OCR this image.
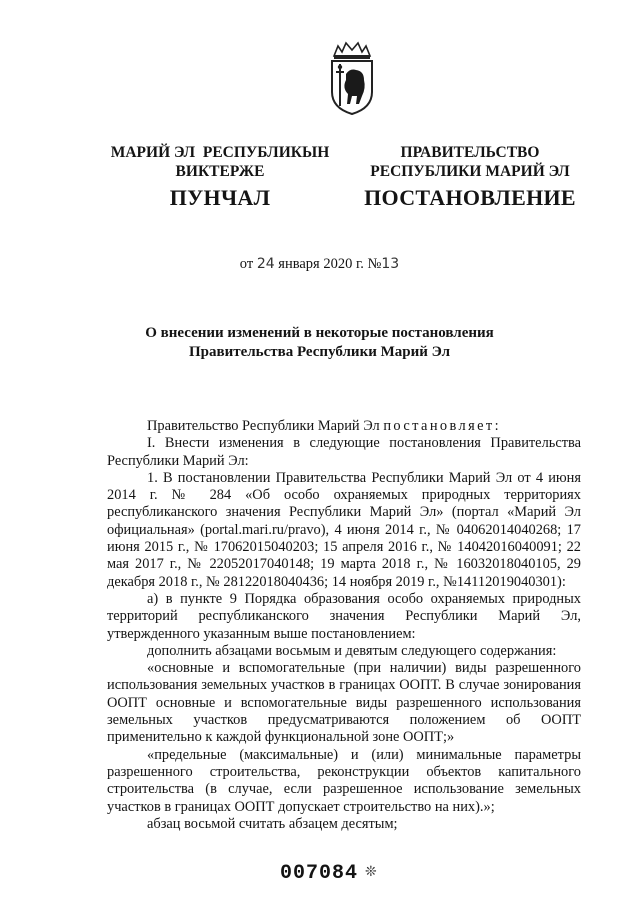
МАРИЙ ЭЛ  РЕСПУБЛИКЫН
ВИКТЕРЖЕ
ПУНЧАЛ
ПРАВИТЕЛЬСТВО
РЕСПУБЛИКИ МАРИЙ ЭЛ
ПОСТАНОВЛЕНИЕ
от 24 января 2020 г. №13
О внесении изменений в некоторые постановления
Правительства Республики Марий Эл

Правительство Республики Марий Эл постановляет:

I. Внести изменения в следующие постановления Правительства Республики Марий Эл:

1. В постановлении Правительства Республики Марий Эл от 4 июня 2014 г. № 284 «Об особо охраняемых природных территориях республиканского значения Республики Марий Эл» (портал «Марий Эл официальная» (portal.mari.ru/pravo), 4 июня 2014 г., № 04062014040268; 17 июня 2015 г., № 17062015040203; 15 апреля 2016 г., № 14042016040091; 22 мая 2017 г., № 22052017040148; 19 марта 2018 г., № 16032018040105, 29 декабря 2018 г., № 28122018040436; 14 ноября 2019 г., №14112019040301):

а) в пункте 9 Порядка образования особо охраняемых природных территорий республиканского значения Республики Марий Эл, утвержденного указанным выше постановлением:

дополнить абзацами восьмым и девятым следующего содержания:

«основные и вспомогательные (при наличии) виды разрешенного использования земельных участков в границах ООПТ. В случае зонирования ООПТ основные и вспомогательные виды разрешенного использования земельных участков предусматриваются положением об ООПТ применительно к каждой функциональной зоне ООПТ;»

«предельные (максимальные) и (или) минимальные параметры разрешенного строительства, реконструкции объектов капитального строительства (в случае, если разрешенное использование земельных участков в границах ООПТ допускает строительство на них).»;

абзац восьмой считать абзацем десятым;

007084 ❊
